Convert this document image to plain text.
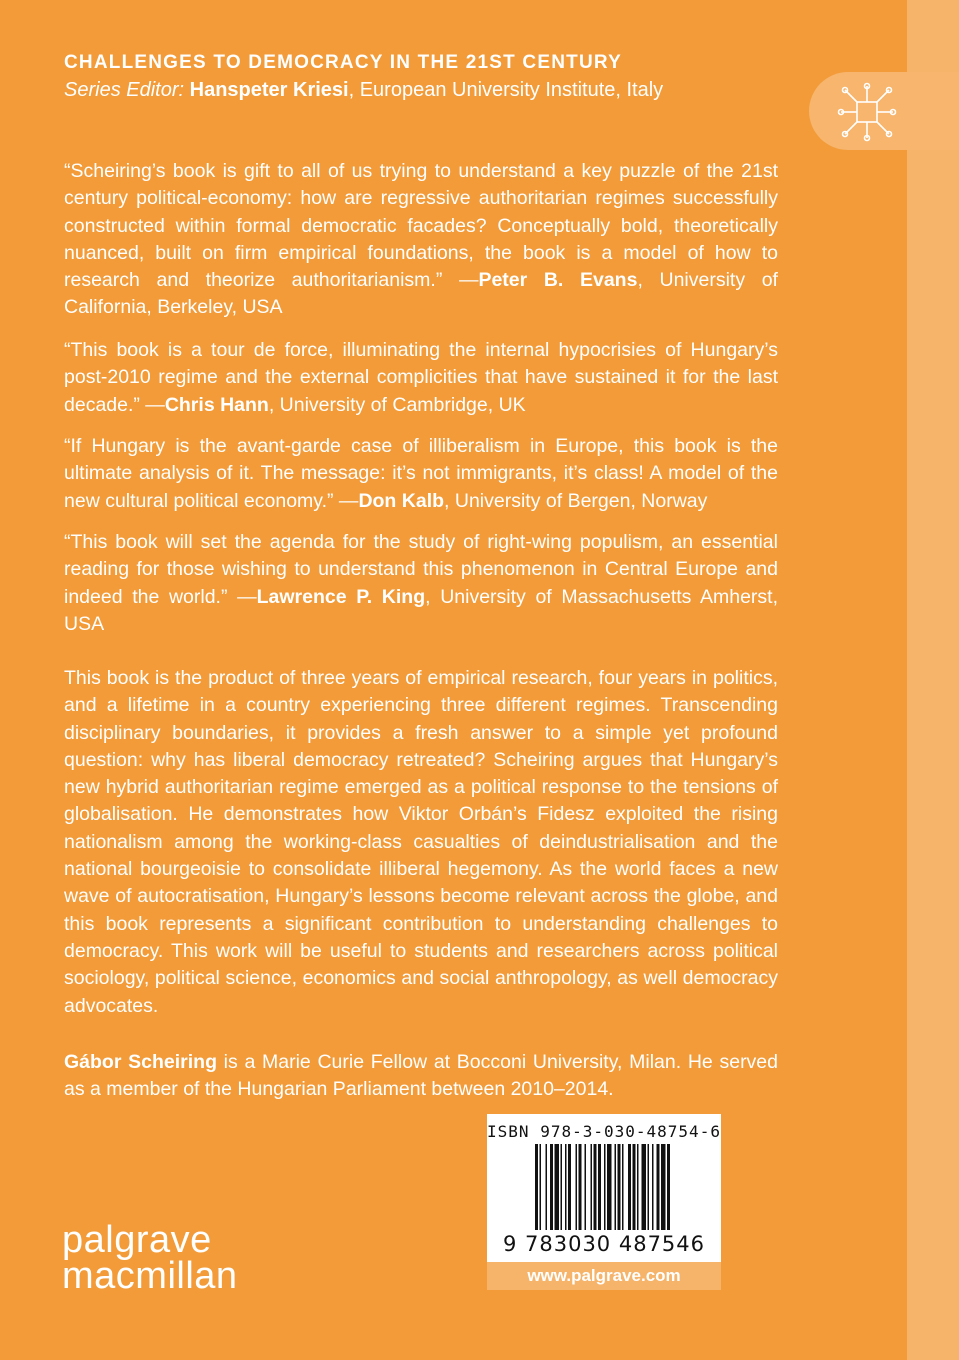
CHALLENGES TO DEMOCRACY IN THE 21ST CENTURY
Series Editor: Hanspeter Kriesi, European University Institute, Italy

“Scheiring’s book is gift to all of us trying to understand a key puzzle of the 21st century political-economy: how are regressive authoritarian regimes successfully constructed within formal democratic facades? Conceptually bold, theoretically nuanced, built on firm empirical foundations, the book is a model of how to research and theorize authoritarianism.” —Peter B. Evans, University of California, Berkeley, USA

“This book is a tour de force, illuminating the internal hypocrisies of Hungary’s post-2010 regime and the external complicities that have sustained it for the last decade.” —Chris Hann, University of Cambridge, UK

“If Hungary is the avant-garde case of illiberalism in Europe, this book is the ultimate analysis of it. The message: it’s not immigrants, it’s class! A model of the new cultural political economy.” —Don Kalb, University of Bergen, Norway

“This book will set the agenda for the study of right-wing populism, an essential reading for those wishing to understand this phenomenon in Central Europe and indeed the world.” —Lawrence P. King, University of Massachusetts Amherst, USA

This book is the product of three years of empirical research, four years in politics, and a lifetime in a country experiencing three different regimes. Transcending disciplinary boundaries, it provides a fresh answer to a simple yet profound question: why has liberal democracy retreated? Scheiring argues that Hungary’s new hybrid authoritarian regime emerged as a political response to the tensions of globalisation. He demonstrates how Viktor Orbán’s Fidesz exploited the rising nationalism among the working-class casualties of deindustrialisation and the national bourgeoisie to consolidate illiberal hegemony. As the world faces a new wave of autocratisation, Hungary’s lessons become relevant across the globe, and this book represents a significant contribution to understanding challenges to democracy. This work will be useful to students and researchers across political sociology, political science, economics and social anthropology, as well democracy advocates.

Gábor Scheiring is a Marie Curie Fellow at Bocconi University, Milan. He served as a member of the Hungarian Parliament between 2010–2014.

ISBN 978-3-030-48754-6
9 783030 487546
www.palgrave.com
palgrave
macmillan
